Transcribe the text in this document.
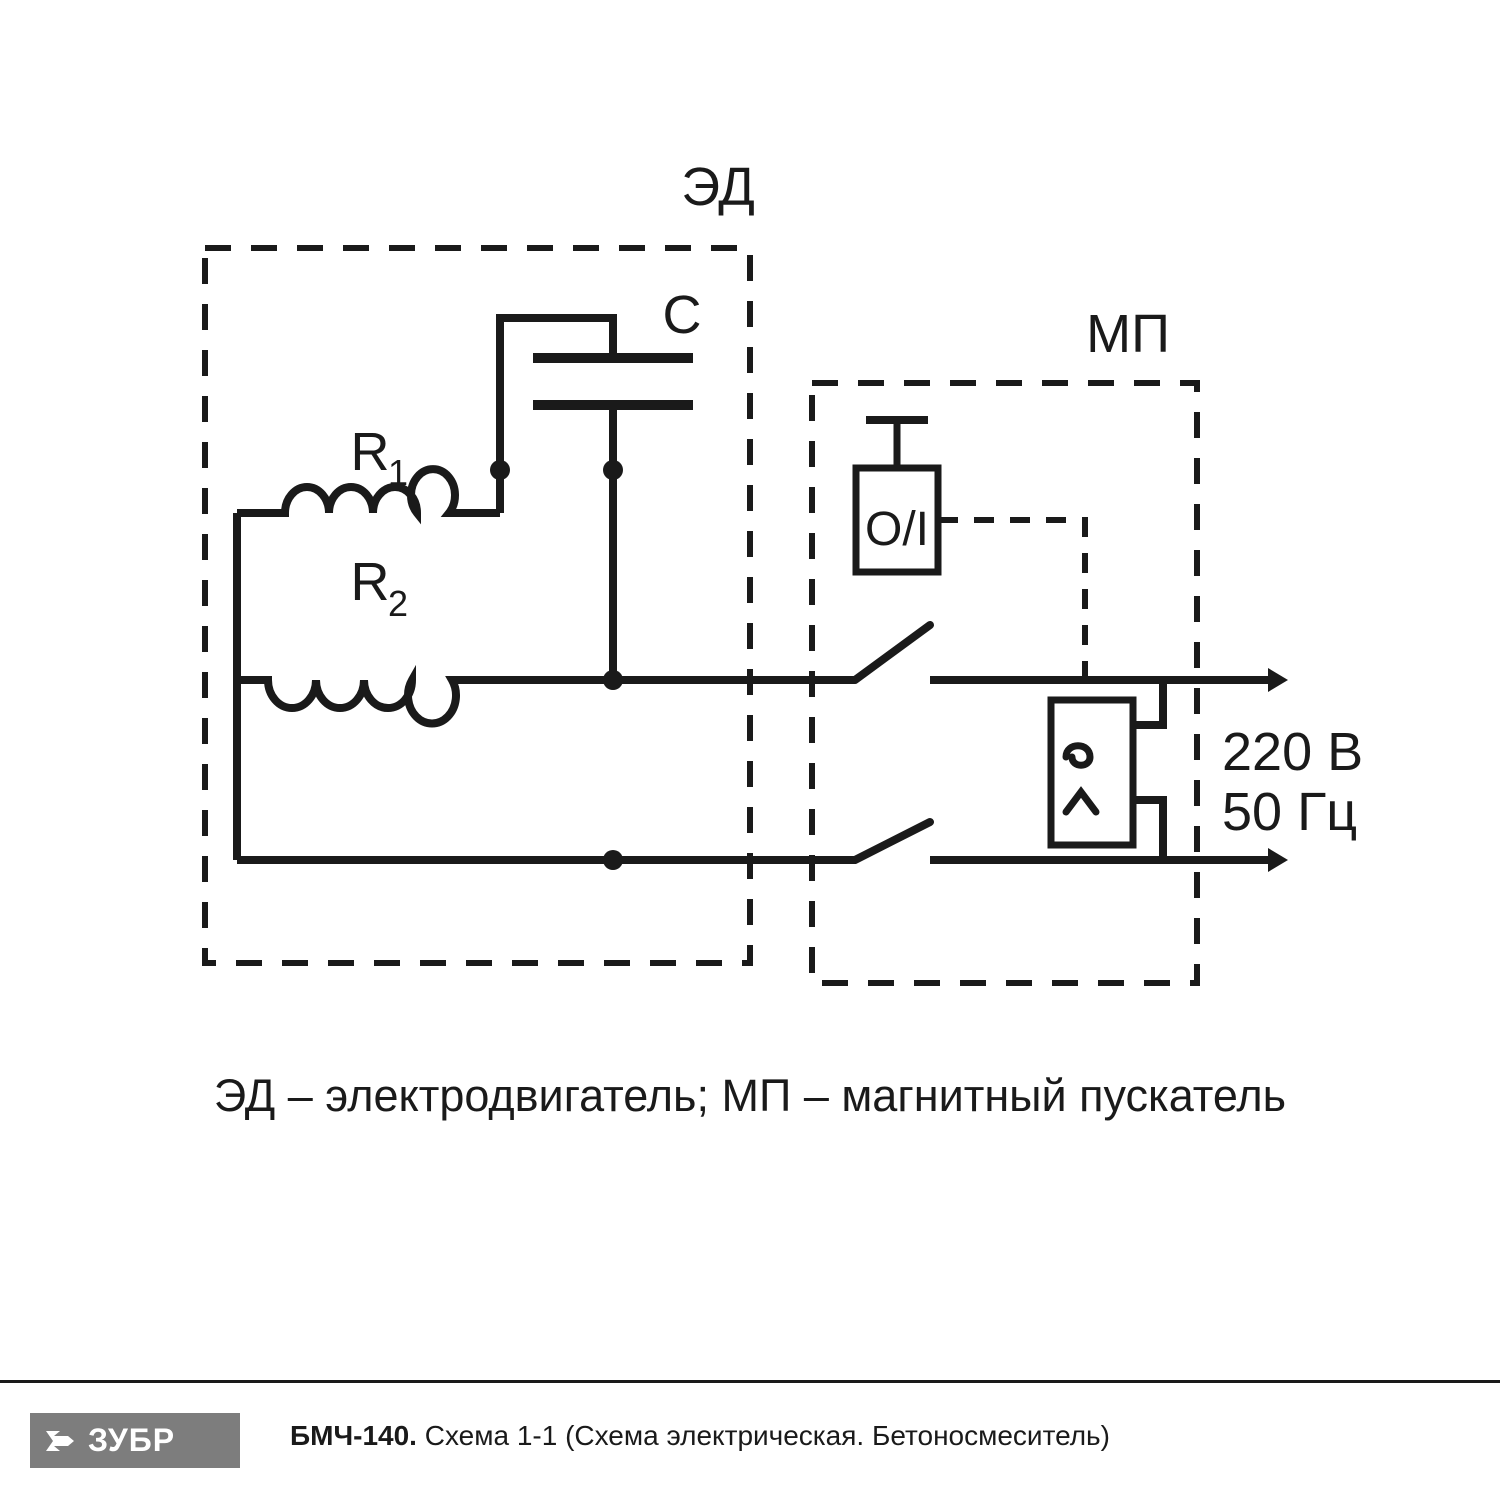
O/I
ЭД
МП
C
R
1
R
2
220 В
50 Гц
ЭД – электродвигатель; МП – магнитный пускатель
ЗУБР	БМЧ-140. Схема 1-1 (Схема электрическая. Бетоносмеситель)
